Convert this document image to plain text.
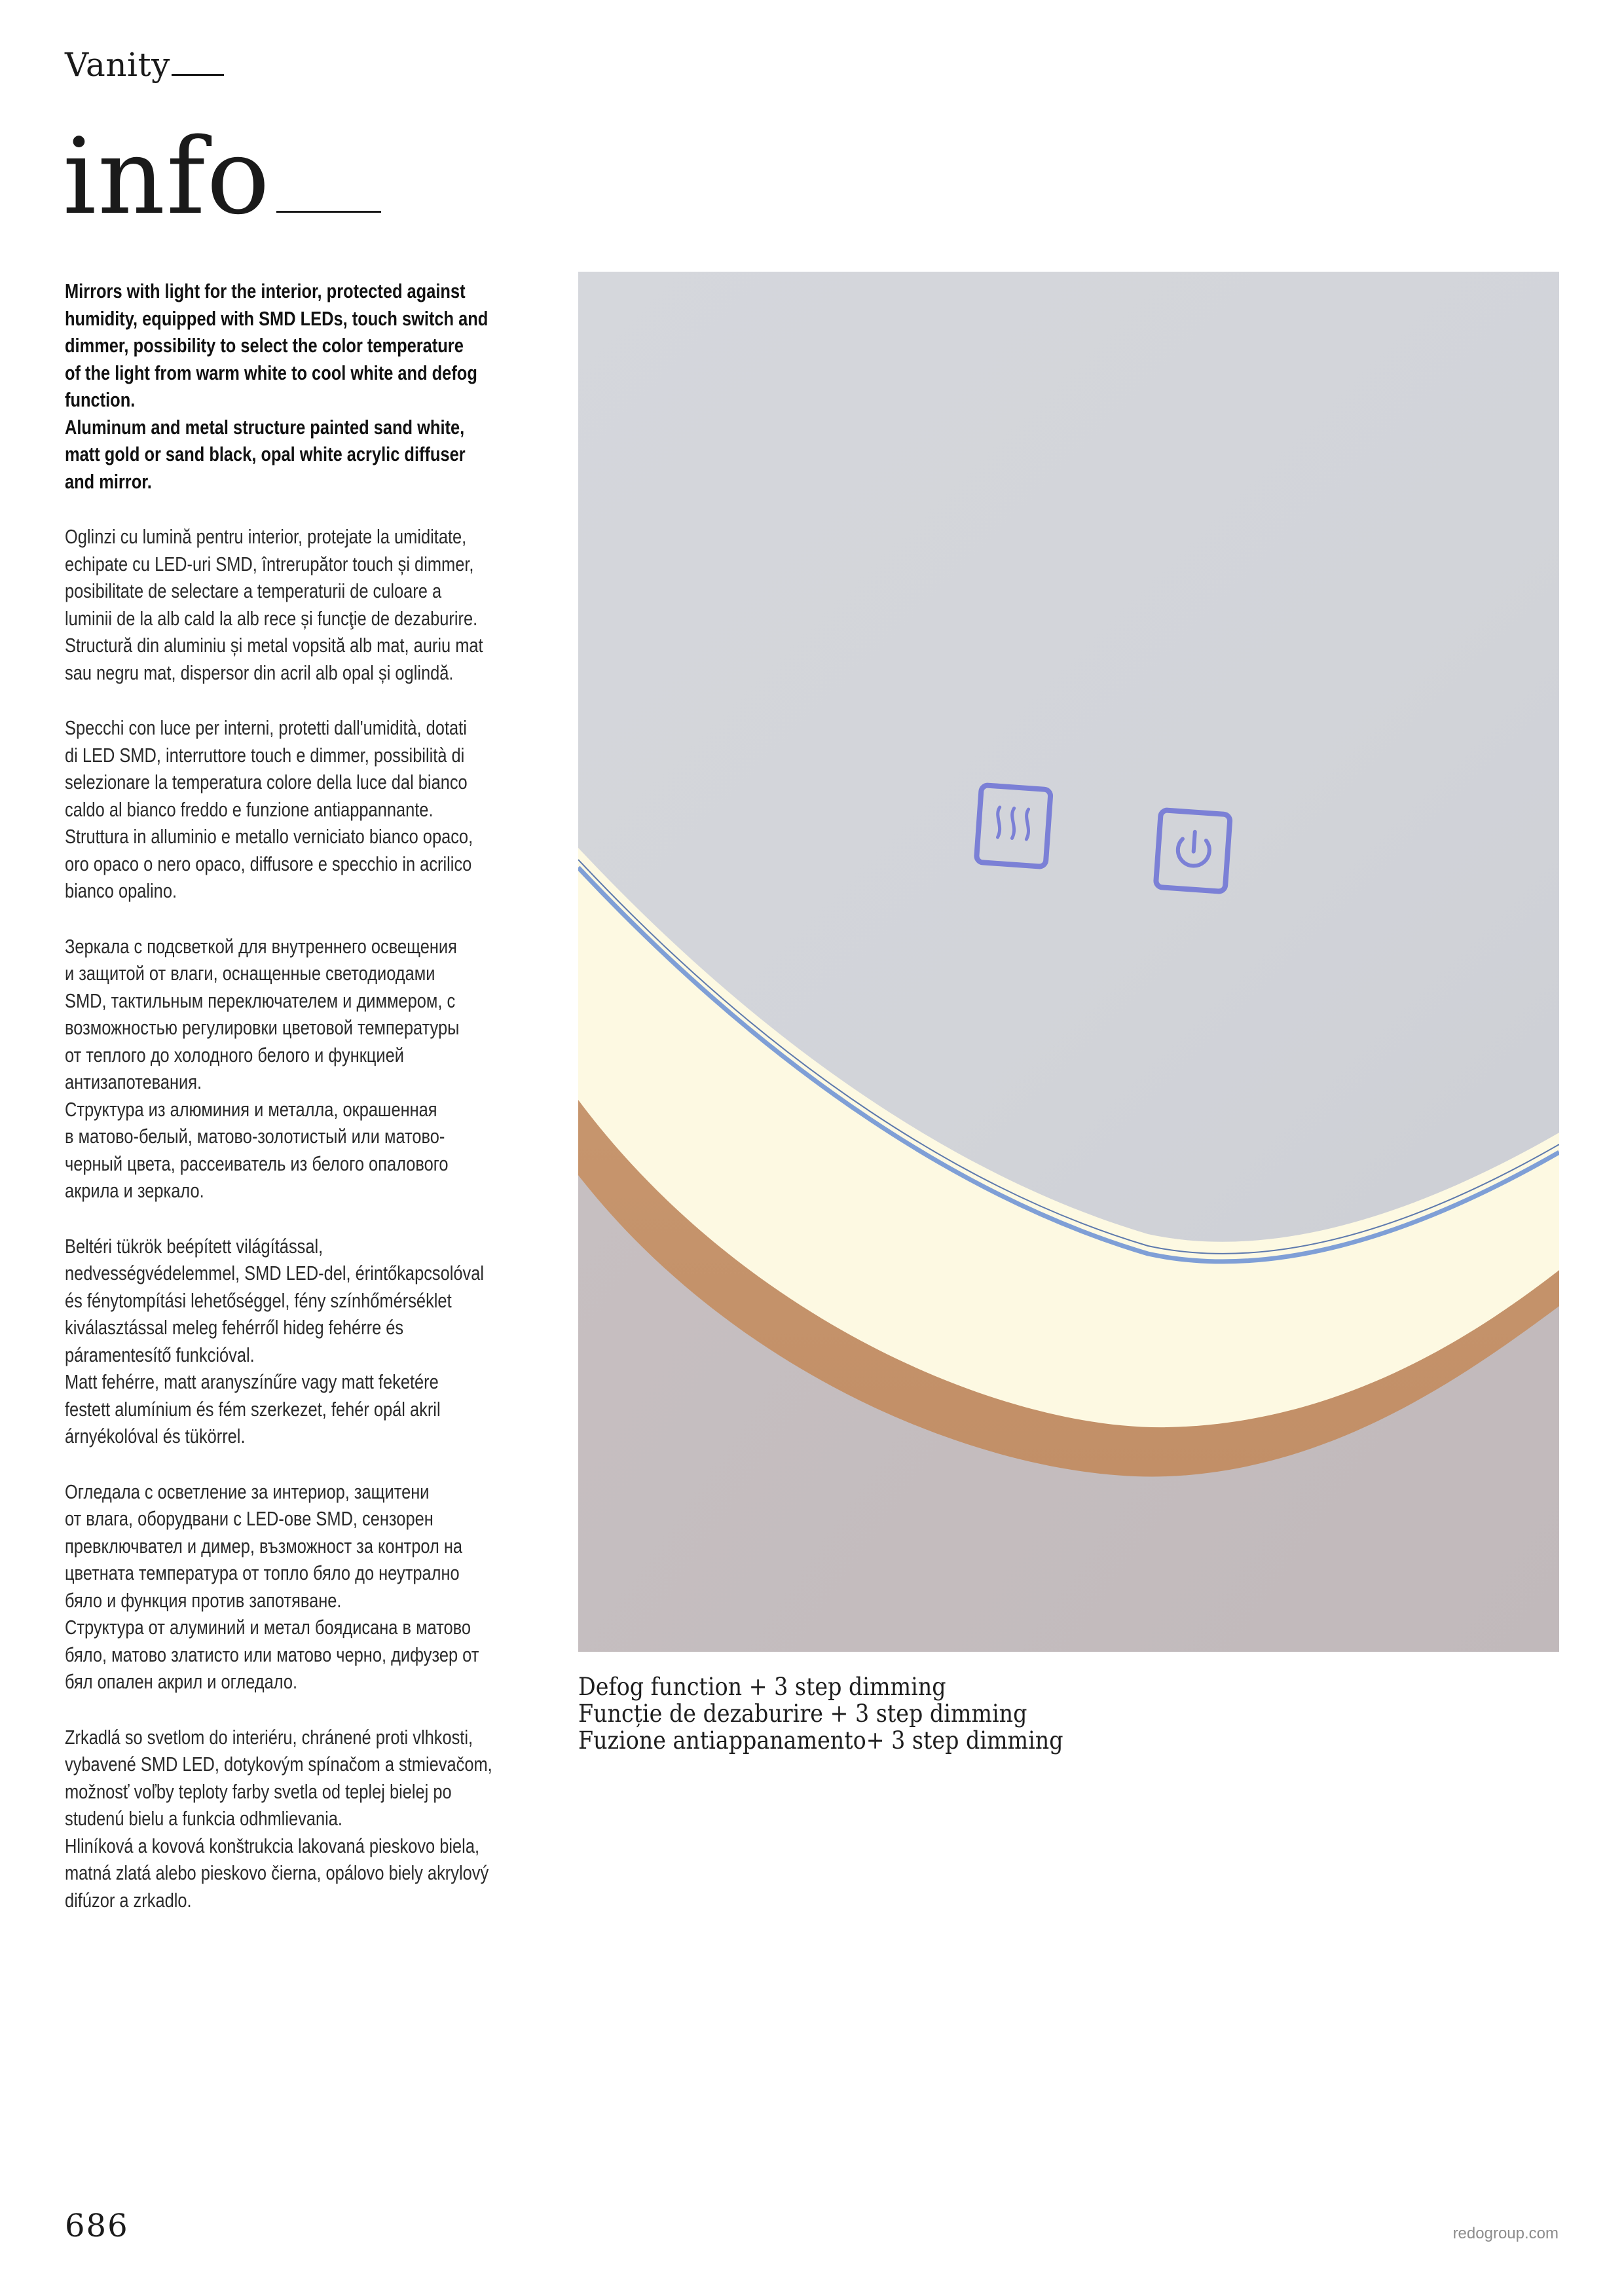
Vanity
info

Mirrors with light for the interior, protected against
humidity, equipped with SMD LEDs, touch switch and
dimmer, possibility to select the color temperature
of the light from warm white to cool white and defog
function.
Aluminum and metal structure painted sand white,
matt gold or sand black, opal white acrylic diffuser
and mirror.

Oglinzi cu lumină pentru interior, protejate la umiditate,
echipate cu LED-uri SMD, întrerupător touch și dimmer,
posibilitate de selectare a temperaturii de culoare a
luminii de la alb cald la alb rece și funcţie de dezaburire.
Structură din aluminiu și metal vopsită alb mat, auriu mat
sau negru mat, dispersor din acril alb opal și oglindă.

Specchi con luce per interni, protetti dall'umidità, dotati
di LED SMD, interruttore touch e dimmer, possibilità di
selezionare la temperatura colore della luce dal bianco
caldo al bianco freddo e funzione antiappannante.
Struttura in alluminio e metallo verniciato bianco opaco,
oro opaco o nero opaco, diffusore e specchio in acrilico
bianco opalino.

Зеркала с подсветкой для внутреннего освещения
и защитой от влаги, оснащенные светодиодами
SMD, тактильным переключателем и диммером, с
возможностью регулировки цветовой температуры
от теплого до холодного белого и функцией
антизапотевания.
Структура из алюминия и металла, окрашенная
в матово-белый, матово-золотистый или матово-
черный цвета, рассеиватель из белого опалового
акрила и зеркало.

Beltéri tükrök beépített világítással,
nedvességvédelemmel, SMD LED-del, érintőkapcsolóval
és fénytompítási lehetőséggel, fény színhőmérséklet
kiválasztással meleg fehérről hideg fehérre és
páramentesítő funkcióval.
Matt fehérre, matt aranyszínűre vagy matt feketére
festett alumínium és fém szerkezet, fehér opál akril
árnyékolóval és tükörrel.

Огледала с осветление за интериор, защитени
от влага, оборудвани с LED-ове SMD, сензорен
превключвател и димер, възможност за контрол на
цветната температура от топло бяло до неутрално
бяло и функция против запотяване.
Структура от алуминий и метал боядисана в матово
бяло, матово златисто или матово черно, дифузер от
бял опален акрил и огледало.

Zrkadlá so svetlom do interiéru, chránené proti vlhkosti,
vybavené SMD LED, dotykovým spínačom a stmievačom,
možnosť voľby teploty farby svetla od teplej bielej po
studenú bielu a funkcia odhmlievania.
Hliníková a kovová konštrukcia lakovaná pieskovo biela,
matná zlatá alebo pieskovo čierna, opálovo biely akrylový
difúzor a zrkadlo.

Defog function + 3 step dimming
Funcție de dezaburire + 3 step dimming
Fuzione antiappanamento+ 3 step dimming
686	redogroup.com
